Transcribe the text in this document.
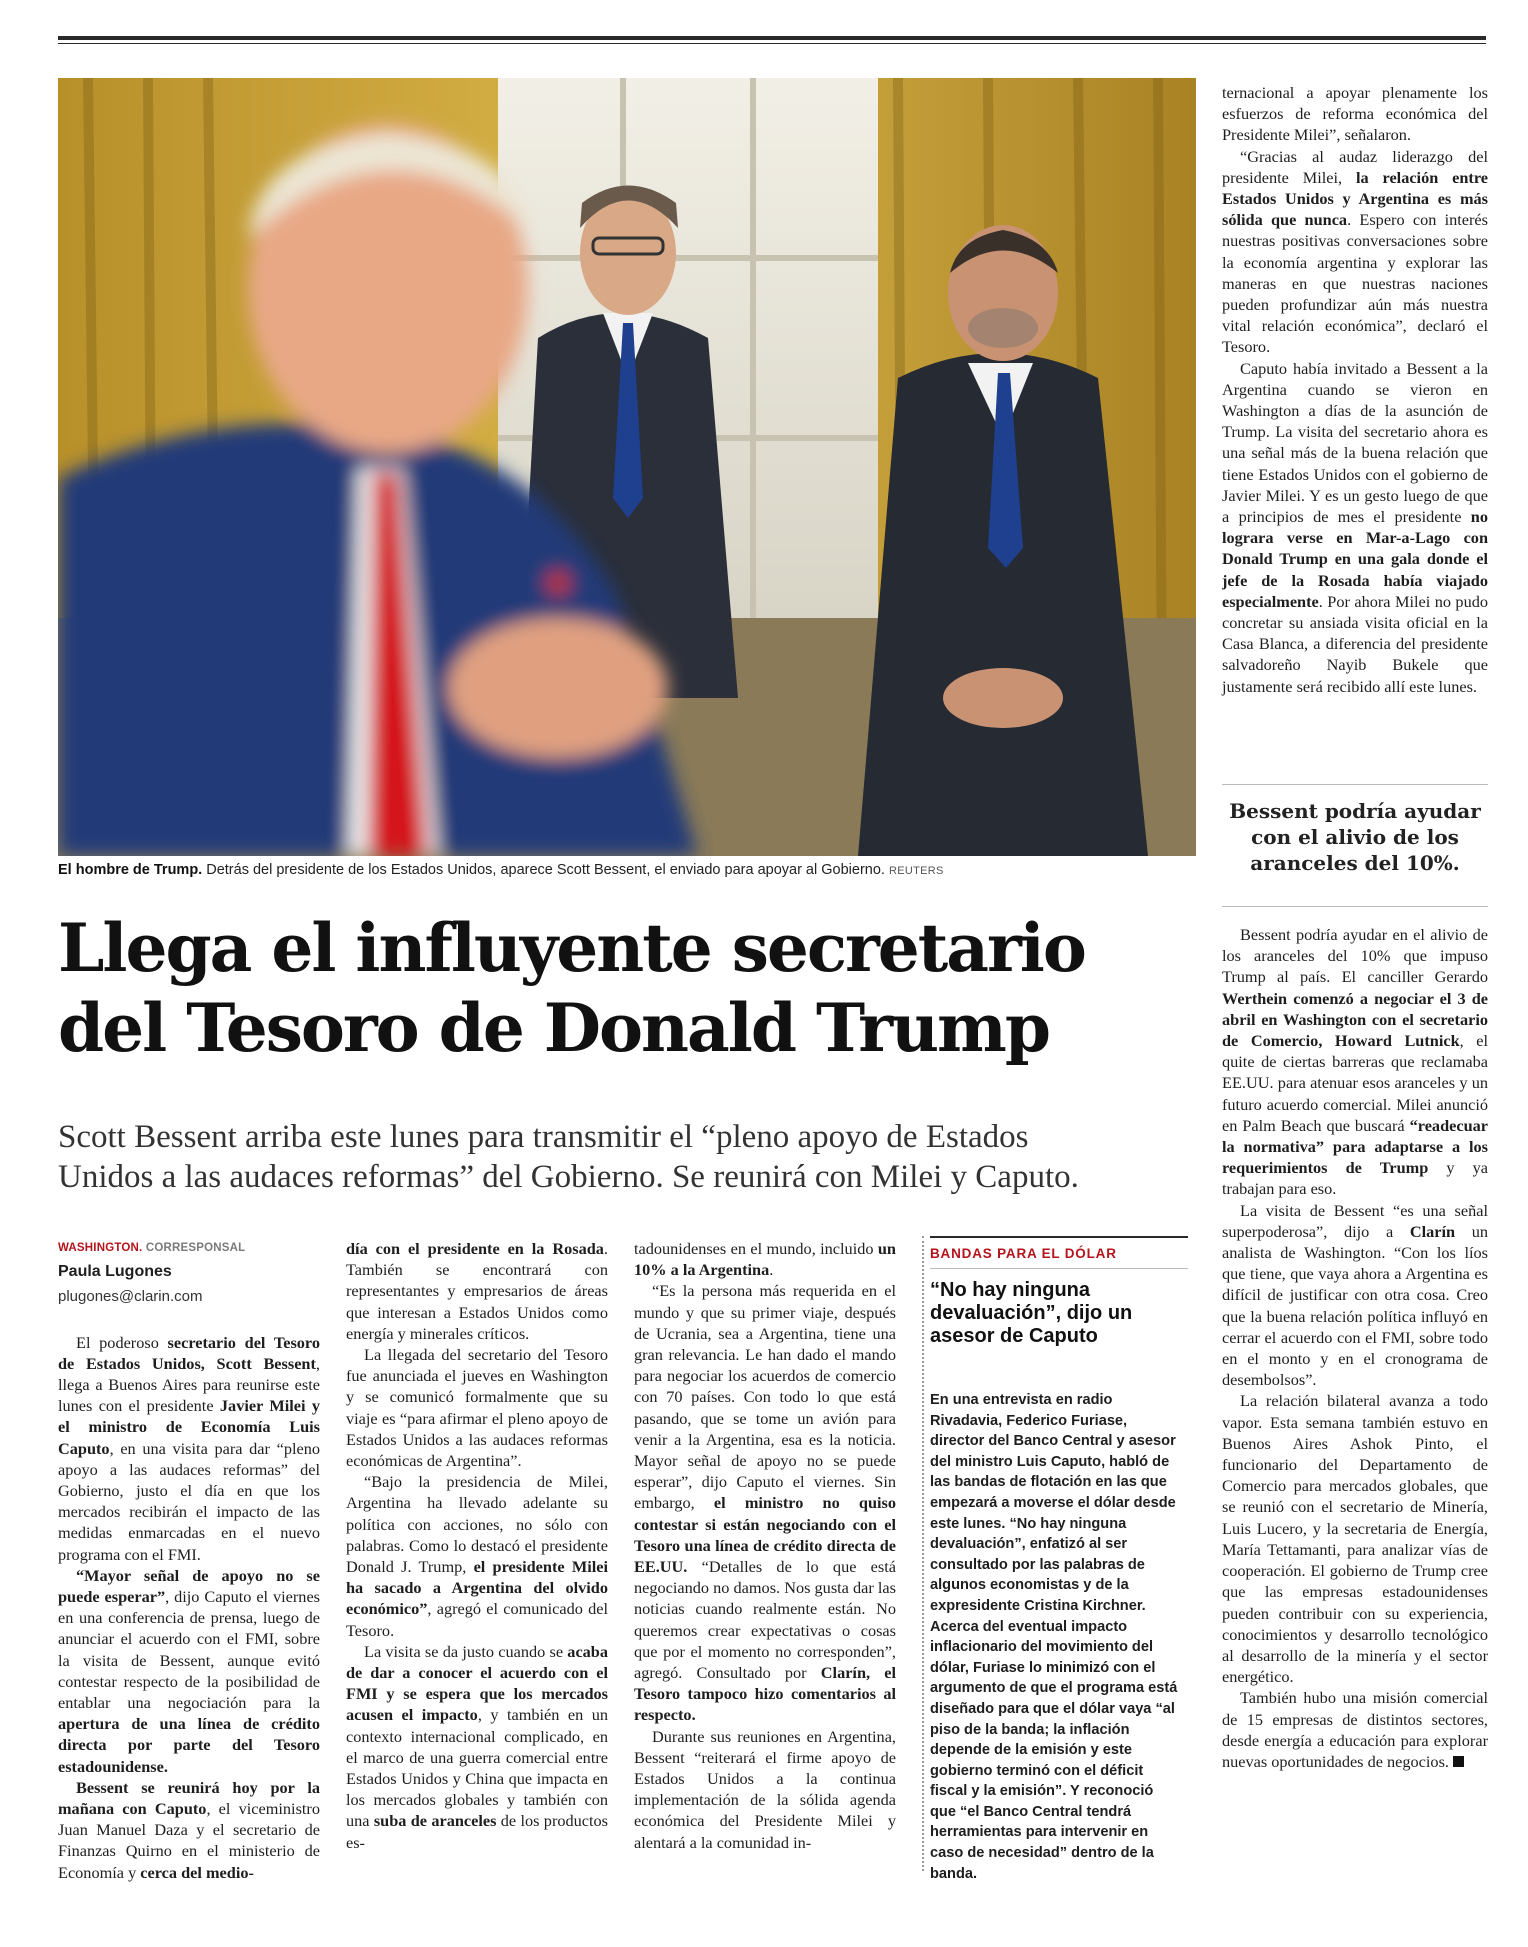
El hombre de Trump. Detrás del presidente de los Estados Unidos, aparece Scott Bessent, el enviado para apoyar al Gobierno. REUTERS
Llega el influyente secretario
del Tesoro de Donald Trump
Scott Bessent arriba este lunes para transmitir el “pleno apoyo de Estados
Unidos a las audaces reformas” del Gobierno. Se reunirá con Milei y Caputo.
WASHINGTON. CORRESPONSAL
Paula Lugones
plugones@clarin.com

El poderoso secretario del Tesoro de Estados Unidos, Scott Bessent, llega a Buenos Aires para reunirse este lunes con el presidente Javier Milei y el ministro de Economía Luis Caputo, en una visita para dar “pleno apoyo a las audaces reformas” del Gobierno, justo el día en que los mercados recibirán el impacto de las medidas enmarcadas en el nuevo programa con el FMI.

“Mayor señal de apoyo no se puede esperar”, dijo Caputo el viernes en una conferencia de prensa, luego de anunciar el acuerdo con el FMI, sobre la visita de Bessent, aunque evitó contestar respecto de la posibilidad de entablar una negociación para la apertura de una línea de crédito directa por parte del Tesoro estadounidense.

Bessent se reunirá hoy por la mañana con Caputo, el viceministro Juan Manuel Daza y el secretario de Finanzas Quirno en el ministerio de Economía y cerca del medio-

día con el presidente en la Rosada. También se encontrará con representantes y empresarios de áreas que interesan a Estados Unidos como energía y minerales críticos.

La llegada del secretario del Tesoro fue anunciada el jueves en Washington y se comunicó formalmente que su viaje es “para afirmar el pleno apoyo de Estados Unidos a las audaces reformas económicas de Argentina”.

“Bajo la presidencia de Milei, Argentina ha llevado adelante su política con acciones, no sólo con palabras. Como lo destacó el presidente Donald J. Trump, el presidente Milei ha sacado a Argentina del olvido económico”, agregó el comunicado del Tesoro.

La visita se da justo cuando se acaba de dar a conocer el acuerdo con el FMI y se espera que los mercados acusen el impacto, y también en un contexto internacional complicado, en el marco de una guerra comercial entre Estados Unidos y China que impacta en los mercados globales y también con una suba de aranceles de los productos es-

tadounidenses en el mundo, incluido un 10% a la Argentina.

“Es la persona más requerida en el mundo y que su primer viaje, después de Ucrania, sea a Argentina, tiene una gran relevancia. Le han dado el mando para negociar los acuerdos de comercio con 70 países. Con todo lo que está pasando, que se tome un avión para venir a la Argentina, esa es la noticia. Mayor señal de apoyo no se puede esperar”, dijo Caputo el viernes. Sin embargo, el ministro no quiso contestar si están negociando con el Tesoro una línea de crédito directa de EE.UU. “Detalles de lo que está negociando no damos. Nos gusta dar las noticias cuando realmente están. No queremos crear expectativas o cosas que por el momento no corresponden”, agregó. Consultado por Clarín, el Tesoro tampoco hizo comentarios al respecto.

Durante sus reuniones en Argentina, Bessent “reiterará el firme apoyo de Estados Unidos a la continua implementación de la sólida agenda económica del Presidente Milei y alentará a la comunidad in-

BANDAS PARA EL DÓLAR
“No hay ninguna devaluación”, dijo un asesor de Caputo
En una entrevista en radio Rivadavia, Federico Furiase, director del Banco Central y asesor del ministro Luis Caputo, habló de las bandas de flotación en las que empezará a moverse el dólar desde este lunes. “No hay ninguna devaluación”, enfatizó al ser consultado por las palabras de algunos economistas y de la expresidente Cristina Kirchner. Acerca del eventual impacto inflacionario del movimiento del dólar, Furiase lo minimizó con el argumento de que el programa está diseñado para que el dólar vaya “al piso de la banda; la inflación depende de la emisión y este gobierno terminó con el déficit fiscal y la emisión”. Y reconoció que “el Banco Central tendrá herramientas para intervenir en caso de necesidad” dentro de la banda.

ternacional a apoyar plenamente los esfuerzos de reforma económica del Presidente Milei”, señalaron.

“Gracias al audaz liderazgo del presidente Milei, la relación entre Estados Unidos y Argentina es más sólida que nunca. Espero con interés nuestras positivas conversaciones sobre la economía argentina y explorar las maneras en que nuestras naciones pueden profundizar aún más nuestra vital relación económica”, declaró el Tesoro.

Caputo había invitado a Bessent a la Argentina cuando se vieron en Washington a días de la asunción de Trump. La visita del secretario ahora es una señal más de la buena relación que tiene Estados Unidos con el gobierno de Javier Milei. Y es un gesto luego de que a principios de mes el presidente no lograra verse en Mar-a-Lago con Donald Trump en una gala donde el jefe de la Rosada había viajado especialmente. Por ahora Milei no pudo concretar su ansiada visita oficial en la Casa Blanca, a diferencia del presidente salvadoreño Nayib Bukele que justamente será recibido allí este lunes.

Bessent podría ayudar con el alivio de los aranceles del 10%.

Bessent podría ayudar en el alivio de los aranceles del 10% que impuso Trump al país. El canciller Gerardo Werthein comenzó a negociar el 3 de abril en Washington con el secretario de Comercio, Howard Lutnick, el quite de ciertas barreras que reclamaba EE.UU. para atenuar esos aranceles y un futuro acuerdo comercial. Milei anunció en Palm Beach que buscará “readecuar la normativa” para adaptarse a los requerimientos de Trump y ya trabajan para eso.

La visita de Bessent “es una señal superpoderosa”, dijo a Clarín un analista de Washington. “Con los líos que tiene, que vaya ahora a Argentina es difícil de justificar con otra cosa. Creo que la buena relación política influyó en cerrar el acuerdo con el FMI, sobre todo en el monto y en el cronograma de desembolsos”.

La relación bilateral avanza a todo vapor. Esta semana también estuvo en Buenos Aires Ashok Pinto, el funcionario del Departamento de Comercio para mercados globales, que se reunió con el secretario de Minería, Luis Lucero, y la secretaria de Energía, María Tettamanti, para analizar vías de cooperación. El gobierno de Trump cree que las empresas estadounidenses pueden contribuir con su experiencia, conocimientos y desarrollo tecnológico al desarrollo de la minería y el sector energético.

También hubo una misión comercial de 15 empresas de distintos sectores, desde energía a educación para explorar nuevas oportunidades de negocios.
